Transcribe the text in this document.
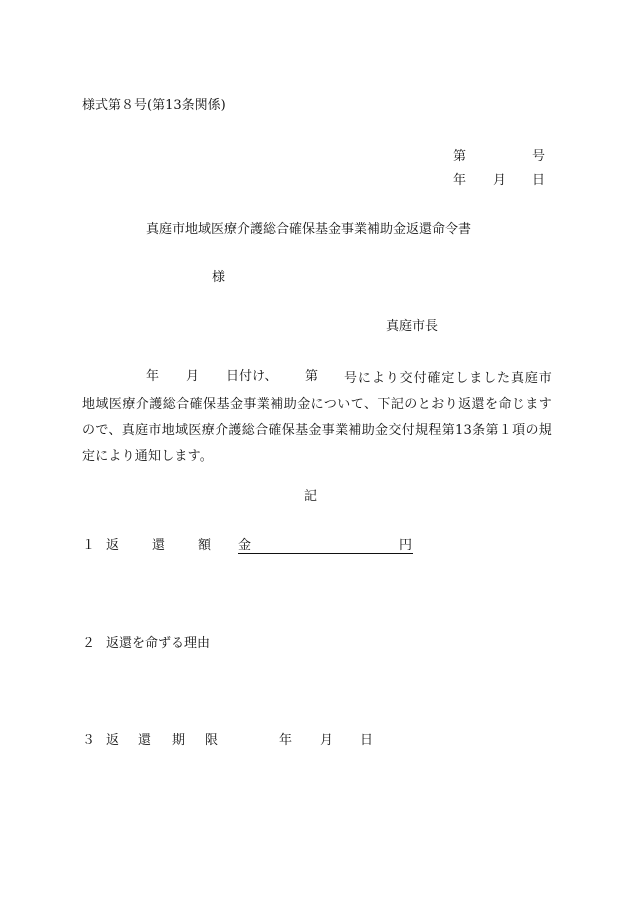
様式第８号(第13条関係)
第	号
年 月 日
真庭市地域医療介護総合確保基金事業補助金返還命令書
様
真庭市長
年 月 日付け、 第	号により交付確定しました真庭市地域医療介護総合確保基金事業補助金について、下記のとおり返還を命じますので、真庭市地域医療介護総合確保基金事業補助金交付規程第13条第１項の規定により通知します。
記
１ 返	還	額 金	円
２ 返還を命ずる理由
３ 返 還 期 限	年 月 日
